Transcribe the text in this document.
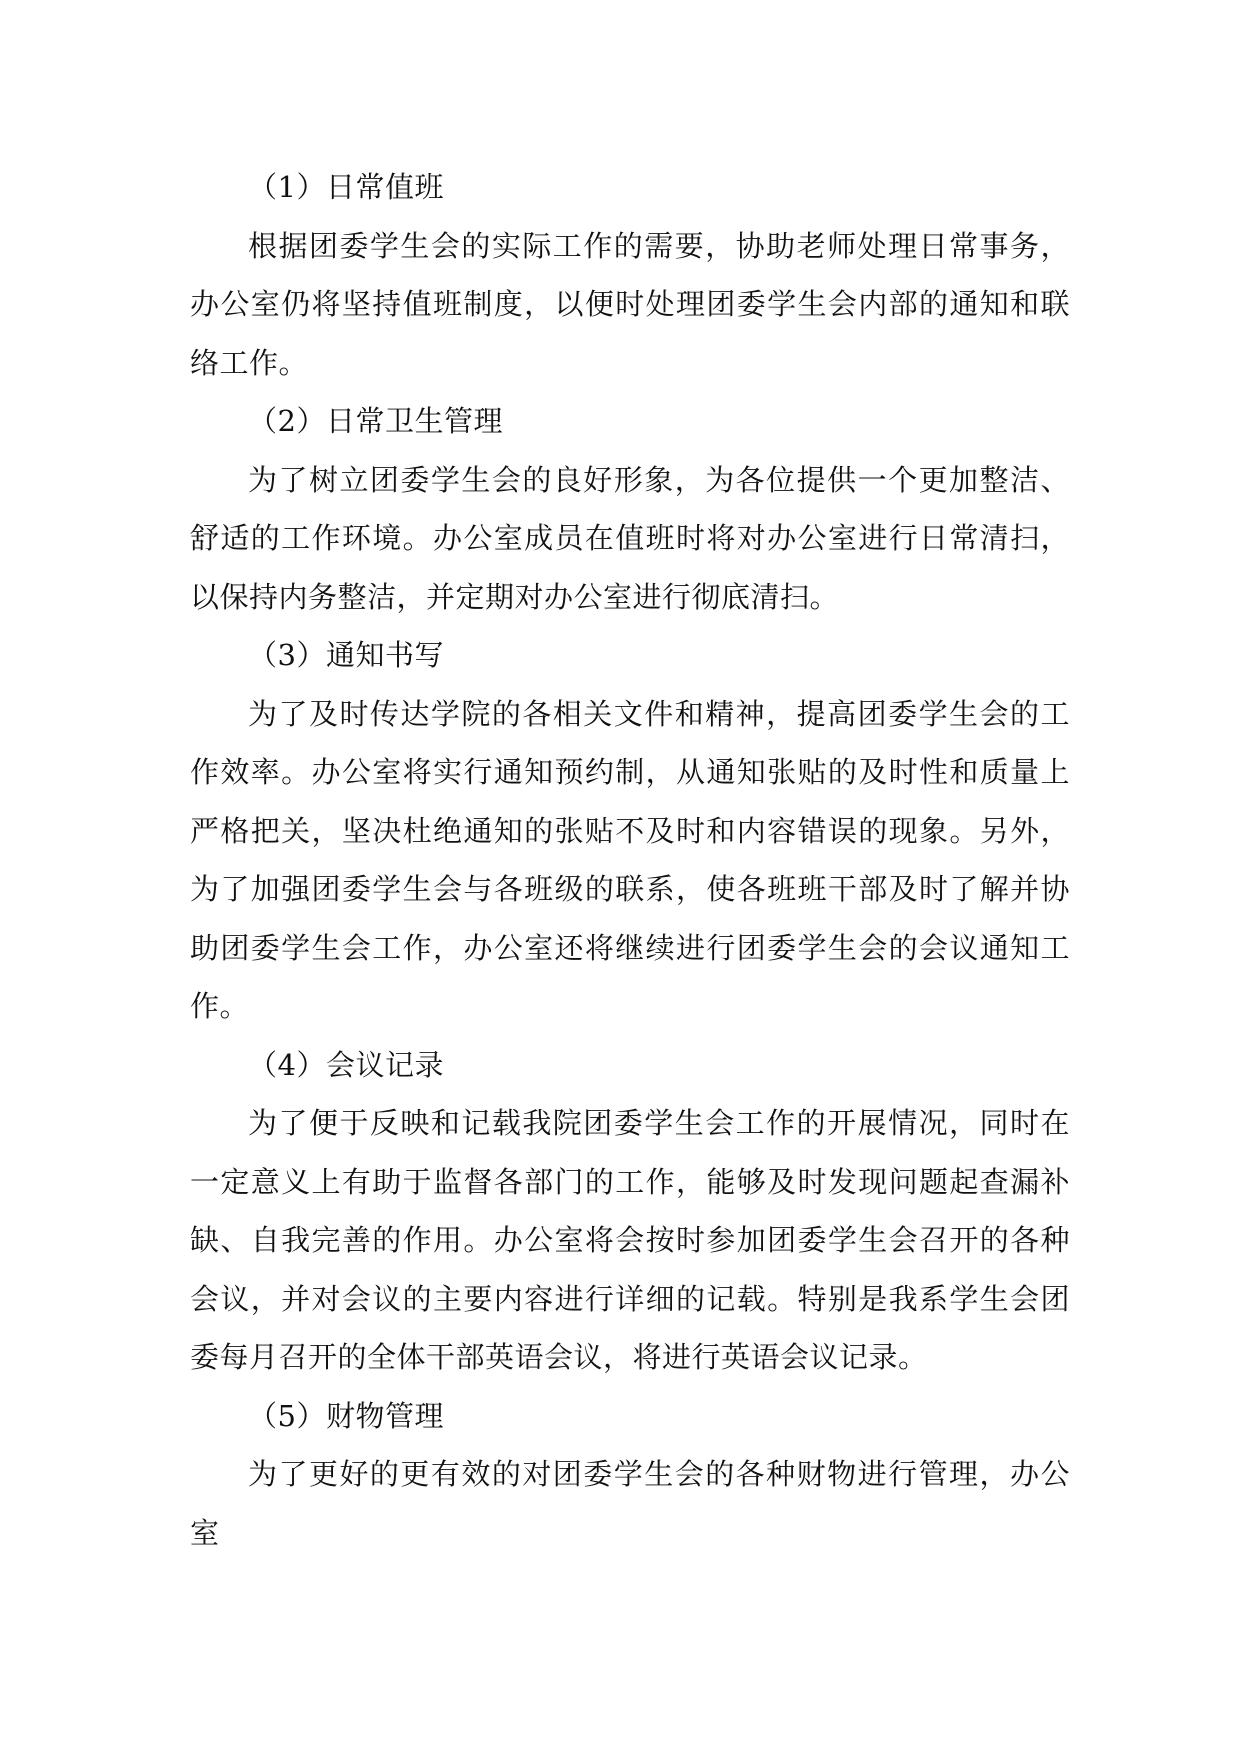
（1）日常值班

根据团委学生会的实际工作的需要，协助老师处理日常事务，办公室仍将坚持值班制度，以便时处理团委学生会内部的通知和联络工作。

（2）日常卫生管理

为了树立团委学生会的良好形象，为各位提供一个更加整洁、舒适的工作环境。办公室成员在值班时将对办公室进行日常清扫，以保持内务整洁，并定期对办公室进行彻底清扫。

（3）通知书写

为了及时传达学院的各相关文件和精神，提高团委学生会的工作效率。办公室将实行通知预约制，从通知张贴的及时性和质量上严格把关，坚决杜绝通知的张贴不及时和内容错误的现象。另外，为了加强团委学生会与各班级的联系，使各班班干部及时了解并协助团委学生会工作，办公室还将继续进行团委学生会的会议通知工作。

（4）会议记录

为了便于反映和记载我院团委学生会工作的开展情况，同时在一定意义上有助于监督各部门的工作，能够及时发现问题起查漏补缺、自我完善的作用。办公室将会按时参加团委学生会召开的各种会议，并对会议的主要内容进行详细的记载。特别是我系学生会团委每月召开的全体干部英语会议，将进行英语会议记录。

（5）财物管理

为了更好的更有效的对团委学生会的各种财物进行管理，办公室
